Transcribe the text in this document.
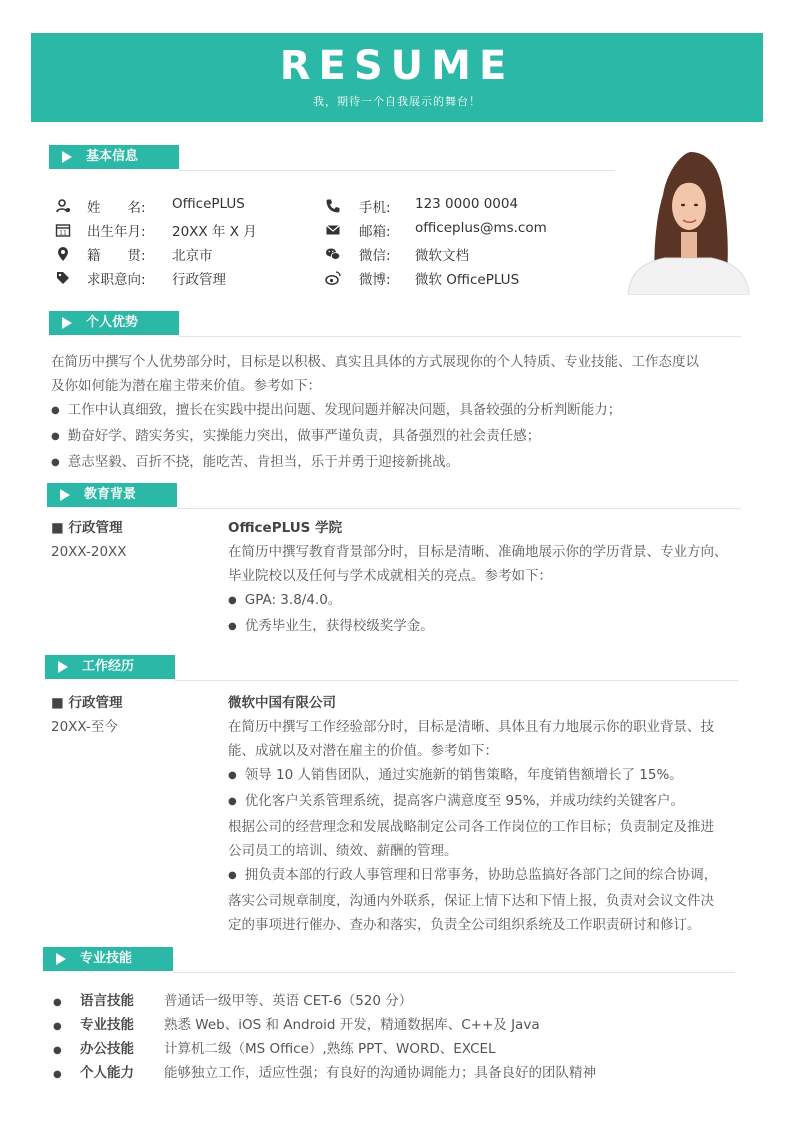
RESUME
我，期待一个自我展示的舞台！
基本信息
姓　　名: OfficePLUS
11 出生年月: 20XX 年 X 月
籍　　贯: 北京市
求职意向: 行政管理
手机: 123 0000 0004
邮箱: officeplus@ms.com
微信: 微软文档
微博: 微软 OfficePLUS
个人优势

在简历中撰写个人优势部分时，目标是以积极、真实且具体的方式展现你的个人特质、专业技能、工作态度以

及你如何能为潜在雇主带来价值。参考如下：

● 工作中认真细致，擅长在实践中提出问题、发现问题并解决问题，具备较强的分析判断能力；

● 勤奋好学、踏实务实，实操能力突出，做事严谨负责，具备强烈的社会责任感；

● 意志坚毅、百折不挠，能吃苦、肯担当，乐于并勇于迎接新挑战。

教育背景
■ 行政管理
20XX-20XX

OfficePLUS 学院

在简历中撰写教育背景部分时，目标是清晰、准确地展示你的学历背景、专业方向、

毕业院校以及任何与学术成就相关的亮点。参考如下：

● GPA: 3.8/4.0。

● 优秀毕业生，获得校级奖学金。

工作经历
■ 行政管理
20XX-至今

微软中国有限公司

在简历中撰写工作经验部分时，目标是清晰、具体且有力地展示你的职业背景、技

能、成就以及对潜在雇主的价值。参考如下：

● 领导 10 人销售团队，通过实施新的销售策略，年度销售额增长了 15%。

● 优化客户关系管理系统，提高客户满意度至 95%，并成功续约关键客户。

根据公司的经营理念和发展战略制定公司各工作岗位的工作目标；负责制定及推进

公司员工的培训、绩效、薪酬的管理。

● 拥负责本部的行政人事管理和日常事务，协助总监搞好各部门之间的综合协调，

落实公司规章制度，沟通内外联系，保证上情下达和下情上报，负责对会议文件决

定的事项进行催办、查办和落实，负责全公司组织系统及工作职责研讨和修订。

专业技能
● 语言技能 普通话一级甲等、英语 CET-6（520 分）
● 专业技能 熟悉 Web、iOS 和 Android 开发，精通数据库、C++及 Java
● 办公技能 计算机二级（MS Office）,熟练 PPT、WORD、EXCEL
● 个人能力 能够独立工作，适应性强；有良好的沟通协调能力；具备良好的团队精神
